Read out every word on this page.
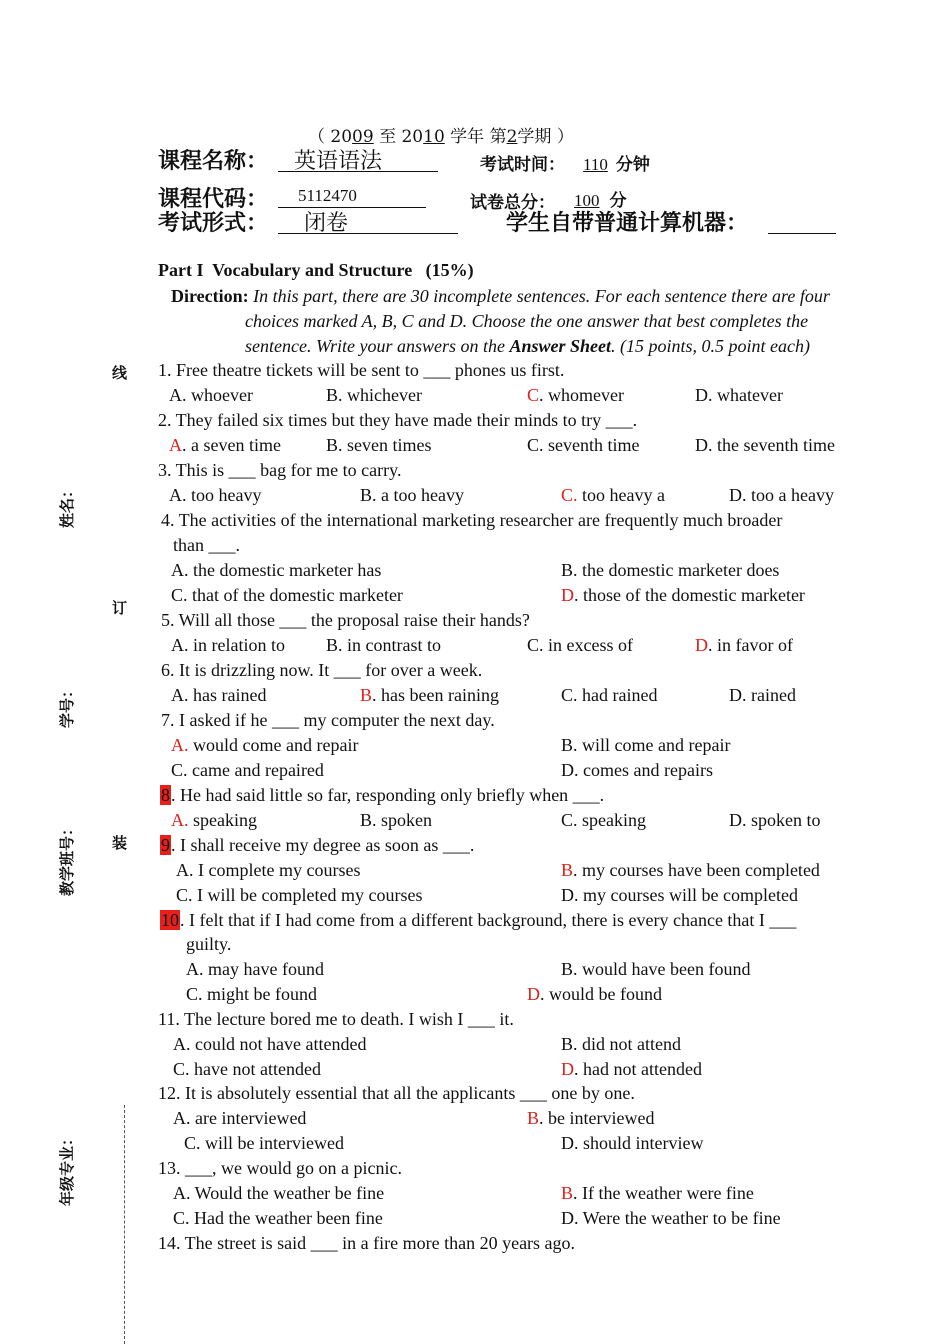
（ 2009 至 2010 学年 第2学期 ）
课程名称：	英语语法	考试时间：	110 分钟
课程代码：	5112470	试卷总分：	100 分
考试形式：	闭卷	学生自带普通计算机器：
线
订
装
姓名：
学号：
教学班号：
年级专业：
Part I  Vocabulary and Structure   (15%)
Direction: In this part, there are 30 incomplete sentences. For each sentence there are four
choices marked A, B, C and D. Choose the one answer that best completes the
sentence. Write your answers on the Answer Sheet. (15 points, 0.5 point each)
1. Free theatre tickets will be sent to ___ phones us first.
A. whoever	B. whichever	C. whomever	D. whatever
2. They failed six times but they have made their minds to try ___.
A. a seven time	B. seven times	C. seventh time	D. the seventh time
3. This is ___ bag for me to carry.
A. too heavy	B. a too heavy	C. too heavy a	D. too a heavy
4. The activities of the international marketing researcher are frequently much broader
than ___.
A. the domestic marketer has	B. the domestic marketer does
C. that of the domestic marketer	D. those of the domestic marketer
5. Will all those ___ the proposal raise their hands?
A. in relation to B. in contrast to	C. in excess of	D. in favor of
6. It is drizzling now. It ___ for over a week.
A. has rained	B. has been raining	C. had rained	D. rained
7. I asked if he ___ my computer the next day.
A. would come and repair	B. will come and repair
C. came and repaired	D. comes and repairs
8. He had said little so far, responding only briefly when ___.
A. speaking	B. spoken	C. speaking	D. spoken to
9. I shall receive my degree as soon as ___.
A. I complete my courses	B. my courses have been completed
C. I will be completed my courses	D. my courses will be completed
10. I felt that if I had come from a different background, there is every chance that I ___
guilty.
A. may have found	B. would have been found
C. might be found	D. would be found
11. The lecture bored me to death. I wish I ___ it.
A. could not have attended	B. did not attend
C. have not attended	D. had not attended
12. It is absolutely essential that all the applicants ___ one by one.
A. are interviewed	B. be interviewed
C. will be interviewed	D. should interview
13. ___, we would go on a picnic.
A. Would the weather be fine	B. If the weather were fine
C. Had the weather been fine	D. Were the weather to be fine
14. The street is said ___ in a fire more than 20 years ago.
